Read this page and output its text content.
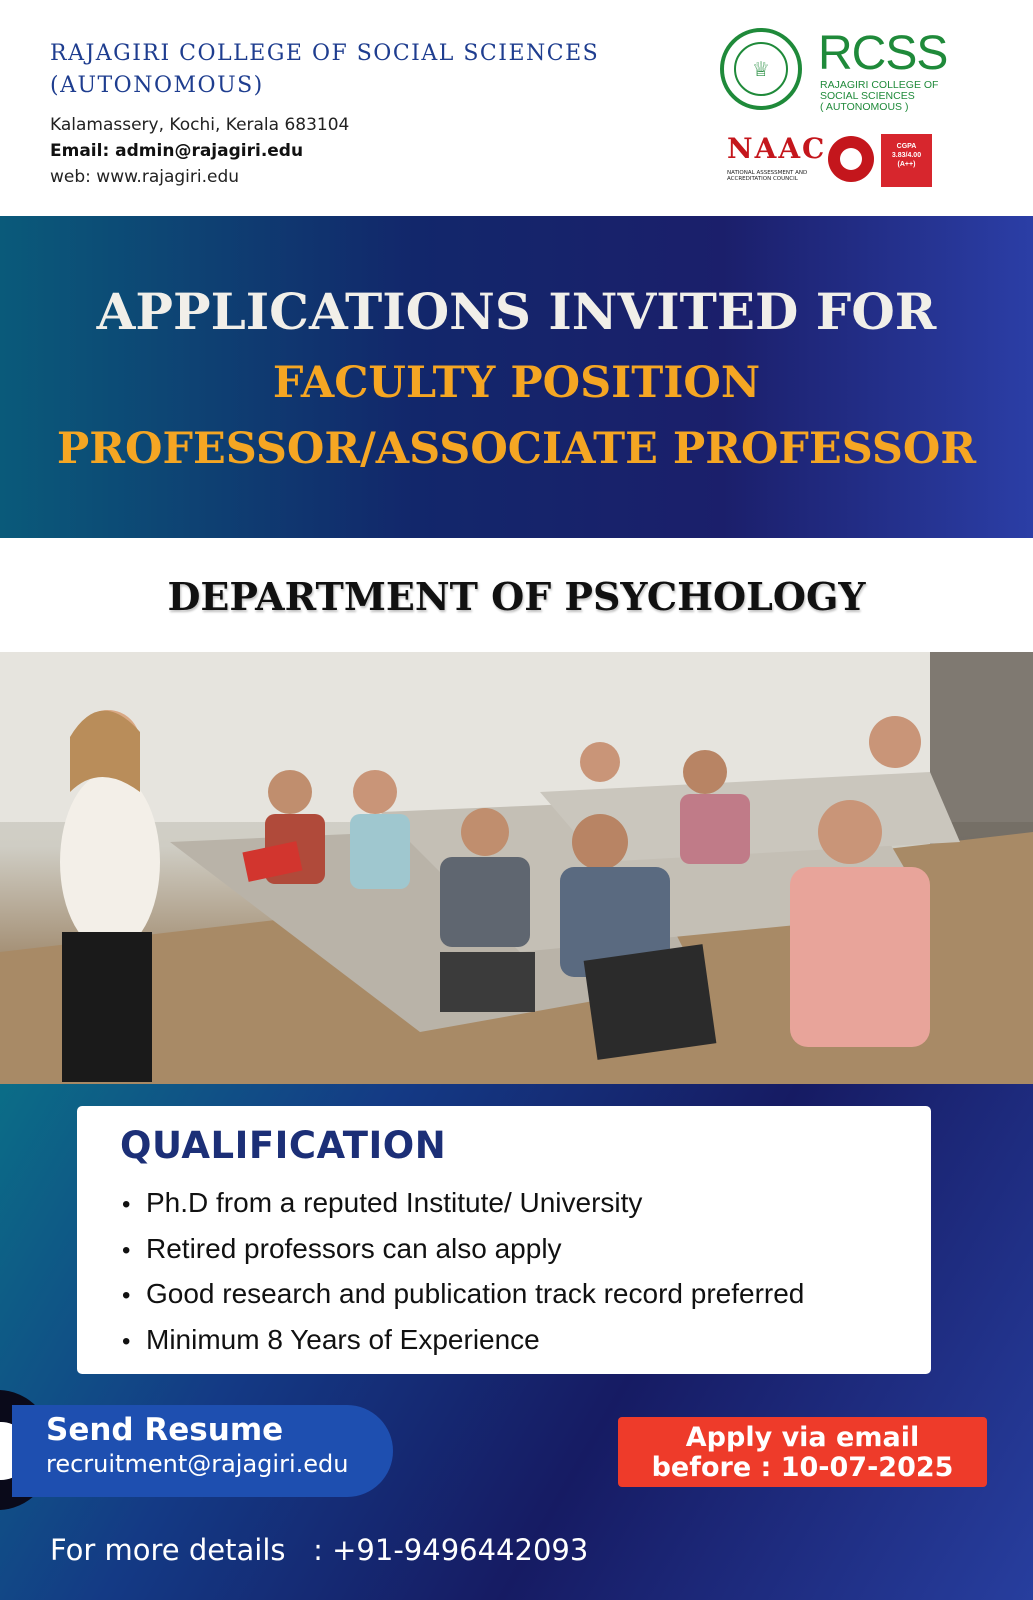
RAJAGIRI COLLEGE OF SOCIAL SCIENCES
(AUTONOMOUS)
Kalamassery, Kochi, Kerala 683104
Email: admin@rajagiri.edu
web: www.rajagiri.edu
♕	RCSS
RAJAGIRI COLLEGE OF
SOCIAL SCIENCES
( AUTONOMOUS )
NAAC
NATIONAL ASSESSMENT AND ACCREDITATION COUNCIL
CGPA
3.83/4.00
(A++)
APPLICATIONS INVITED FOR
FACULTY POSITION
PROFESSOR/ASSOCIATE PROFESSOR
DEPARTMENT OF PSYCHOLOGY
QUALIFICATION
• Ph.D from a reputed Institute/ University
• Retired professors can also apply
• Good research and publication track record preferred
• Minimum 8 Years of Experience
Send Resume
recruitment@rajagiri.edu
Apply via email
before : 10-07-2025
For more details   : +91-9496442093
